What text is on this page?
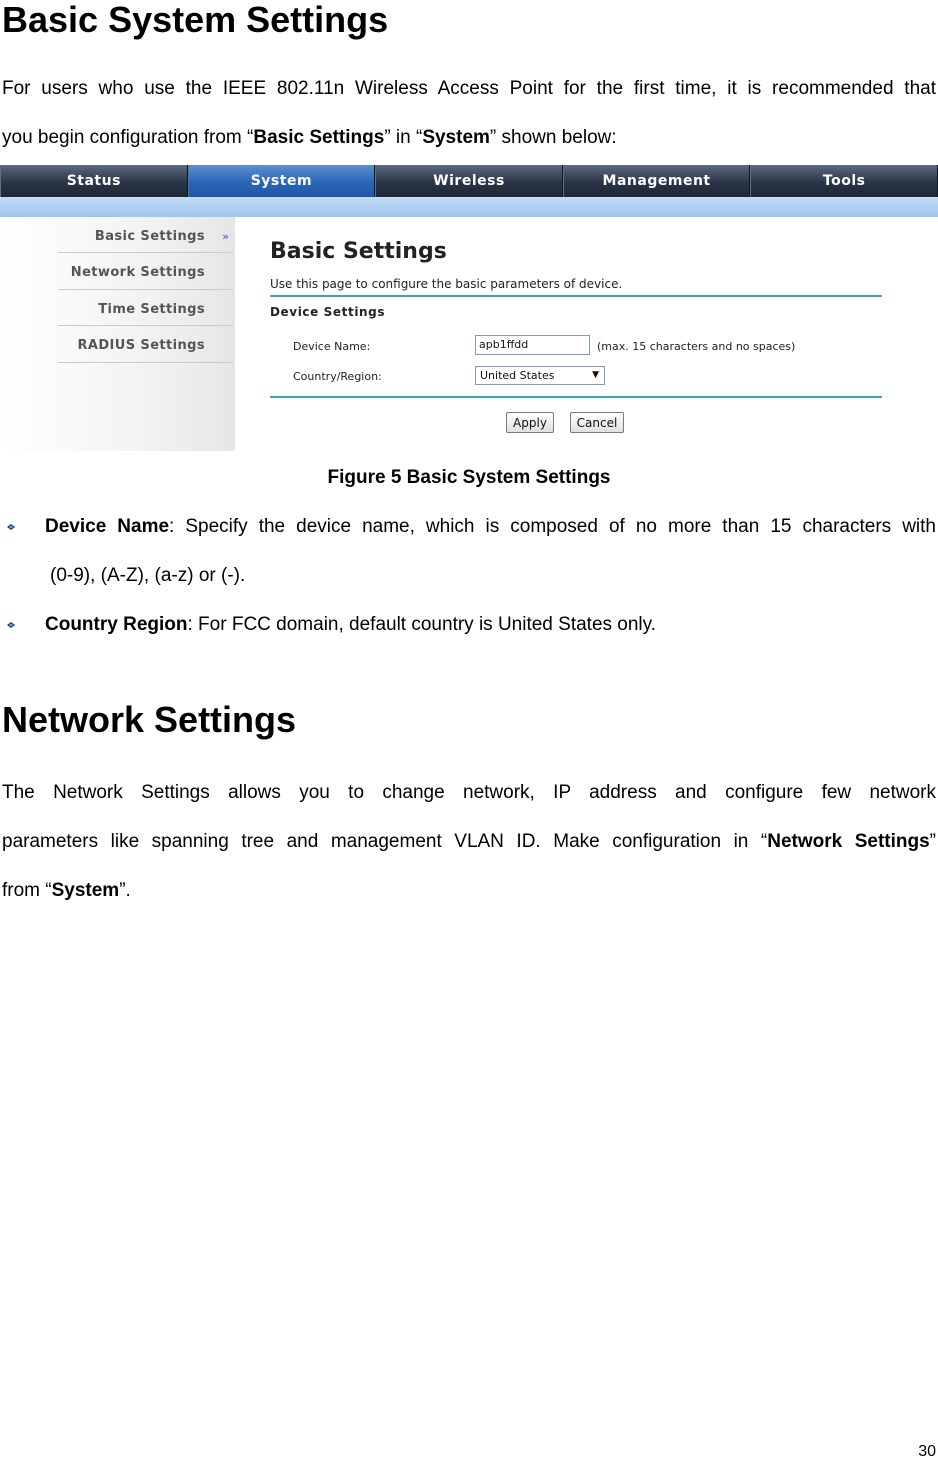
Basic System Settings

For users who use the IEEE 802.11n Wireless Access Point for the first time, it is recommended that

you begin configuration from “Basic Settings” in “System” shown below:

Status	System	Wireless	Management	Tools
Basic Settings »
Network Settings
Time Settings
RADIUS Settings
Basic Settings
Use this page to configure the basic parameters of device.
Device Settings
Device Name:	apb1ffdd	(max. 15 characters and no spaces)
Country/Region:	United States	▼
Apply	Cancel
Figure 5 Basic System Settings

Device Name: Specify the device name, which is composed of no more than 15 characters with

(0-9), (A-Z), (a-z) or (-).

Country Region: For FCC domain, default country is United States only.

Network Settings

The Network Settings allows you to change network, IP address and configure few network

parameters like spanning tree and management VLAN ID. Make configuration in “Network Settings”

from “System”.

30
